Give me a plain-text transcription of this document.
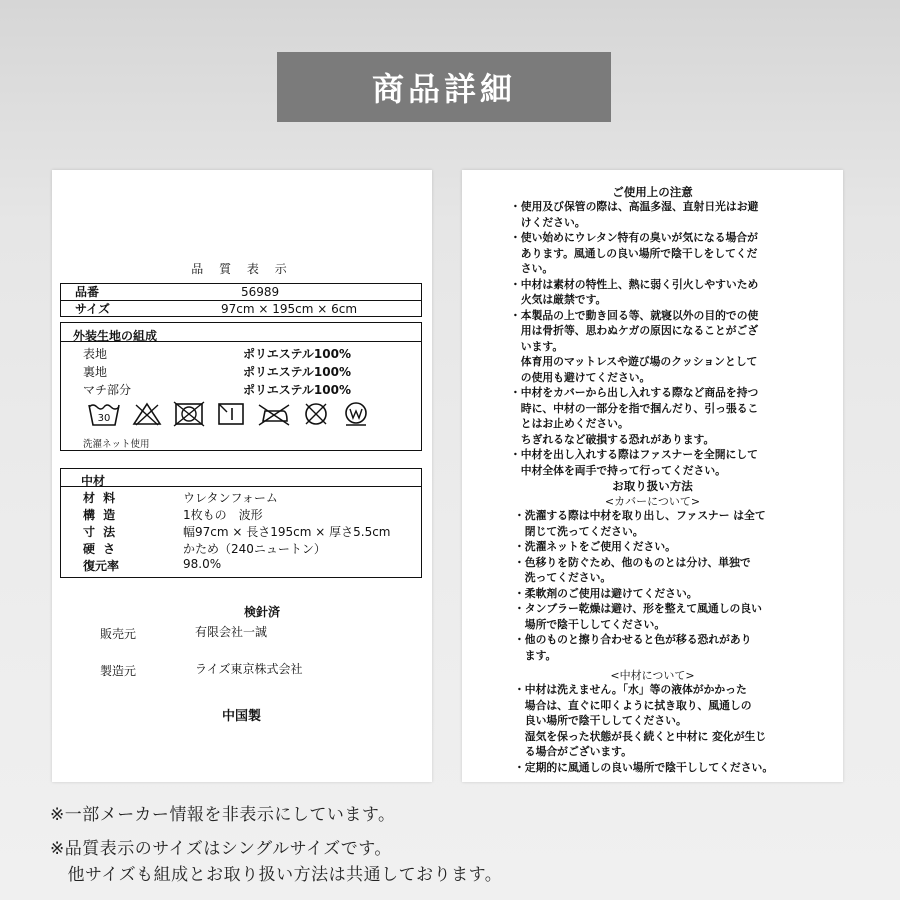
商品詳細
品 質 表 示
品番	56989
サイズ	97cm × 195cm × 6cm
外装生地の組成
表地	ポリエステル100%
裏地	ポリエステル100%
マチ部分	ポリエステル100%
30
洗濯ネット使用
中材
材 料	ウレタンフォーム
構 造	1枚もの　波形
寸 法	幅97cm × 長さ195cm × 厚さ5.5cm
硬 さ	かため（240ニュートン）
復元率	98.0%
検針済
販売元	有限会社一誠
製造元	ライズ東京株式会社
中国製
ご使用上の注意
・使用及び保管の際は、高温多湿、直射日光はお避
　けください。
・使い始めにウレタン特有の臭いが気になる場合が
　あります。風通しの良い場所で陰干しをしてくだ
　さい。
・中材は素材の特性上、熱に弱く引火しやすいため
　火気は厳禁です。
・本製品の上で動き回る等、就寝以外の目的での使
　用は骨折等、思わぬケガの原因になることがござ
　います。
　体育用のマットレスや遊び場のクッションとして
　の使用も避けてください。
・中材をカバーから出し入れする際など商品を持つ
　時に、中材の一部分を指で掴んだり、引っ張るこ
　とはお止めください。
　ちぎれるなど破損する恐れがあります。
・中材を出し入れする際はファスナーを全開にして
　中材全体を両手で持って行ってください。
お取り扱い方法
<カバーについて>
・洗濯する際は中材を取り出し、ファスナー は全て
　閉じて洗ってください。
・洗濯ネットをご使用ください。
・色移りを防ぐため、他のものとは分け、単独で
　洗ってください。
・柔軟剤のご使用は避けてください。
・タンブラー乾燥は避け、形を整えて風通しの良い
　場所で陰干ししてください。
・他のものと擦り合わせると色が移る恐れがあり
　ます。
<中材について>
・中材は洗えません。「水」等の液体がかかった
　場合は、直ぐに叩くように拭き取り、風通しの
　良い場所で陰干ししてください。
　湿気を保った状態が長く続くと中材に 変化が生じ
　る場合がございます。
・定期的に風通しの良い場所で陰干ししてください。
※一部メーカー情報を非表示にしています。
※品質表示のサイズはシングルサイズです。
　他サイズも組成とお取り扱い方法は共通しております。
